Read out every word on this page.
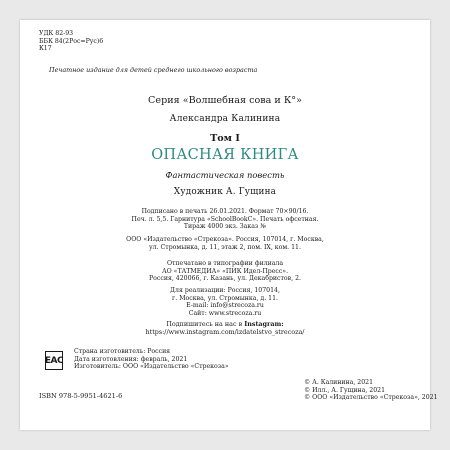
УДК 82-93
ББК 84(2Рос=Рус)6
К17
Печатное издание для детей среднего школьного возраста
Серия «Волшебная сова и К°»
Александра Калинина
Том I
ОПАСНАЯ КНИГА
Фантастическая повесть
Художник А. Гущина
Подписано в печать 26.01.2021. Формат 70×90/16.
Печ. л. 5,5. Гарнитура «SchoolBookC». Печать офсетная.
Тираж 4000 экз. Заказ №
ООО «Издательство «Стрекоза». Россия, 107014, г. Москва,
ул. Стромынка, д. 11, этаж 2, пом. IX, ком. 11.
Отпечатано в типографии филиала
АО «ТАТМЕДИА» «ПИК Идел-Пресс».
Россия, 420066, г. Казань, ул. Декабристов, 2.
Для реализации: Россия, 107014,
г. Москва, ул. Стромынка, д. 11.
E-mail: info@strecoza.ru
Сайт: www.strecoza.ru
Подпишитесь на нас в Instagram:
https://www.instagram.com/izdatelstvo_strecoza/
EAC
Страна изготовитель: Россия
Дата изготовления: февраль, 2021
Изготовитель: ООО «Издательство «Стрекоза»
ISBN 978-5-9951-4621-6
© А. Калинина, 2021
© Илл., А. Гущина, 2021
© ООО «Издательство «Стрекоза», 2021
